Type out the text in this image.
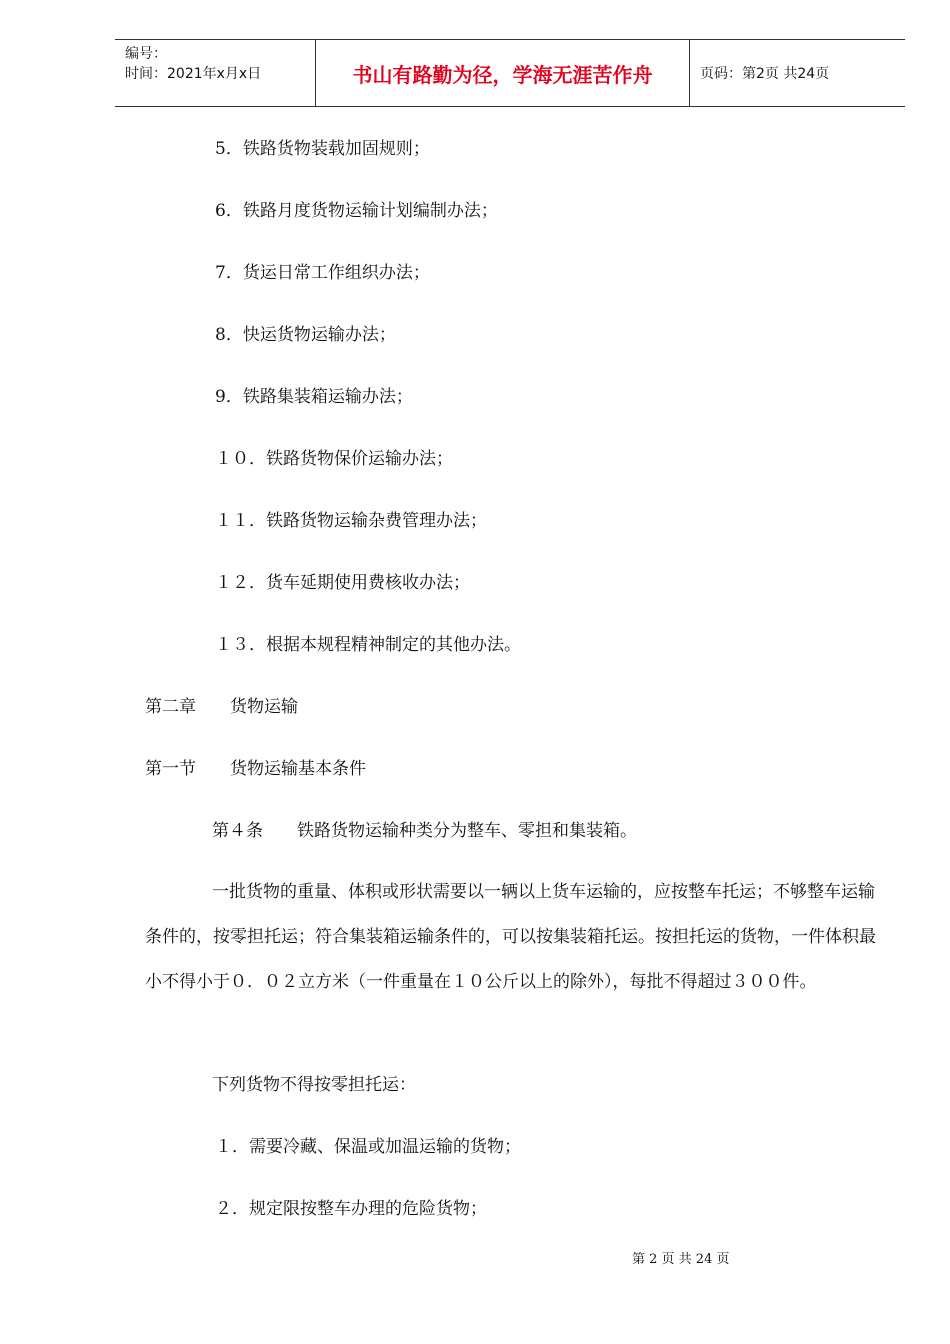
编号：
时间：2021年x月x日	书山有路勤为径，学海无涯苦作舟	页码：第2页 共24页
5．铁路货物装载加固规则；
6．铁路月度货物运输计划编制办法；
7．货运日常工作组织办法；
8．快运货物运输办法；
9．铁路集装箱运输办法；
１０．铁路货物保价运输办法；
１１．铁路货物运输杂费管理办法；
１２．货车延期使用费核收办法；
１３．根据本规程精神制定的其他办法。
第二章　　货物运输
第一节　　货物运输基本条件
第４条　　铁路货物运输种类分为整车、零担和集装箱。
一批货物的重量、体积或形状需要以一辆以上货车运输的，应按整车托运；不够整车运输条件的，按零担托运；符合集装箱运输条件的，可以按集装箱托运。按担托运的货物，一件体积最小不得小于０．０２立方米（一件重量在１０公斤以上的除外），每批不得超过３００件。
下列货物不得按零担托运：
１．需要冷藏、保温或加温运输的货物；
２．规定限按整车办理的危险货物；
第 2 页 共 24 页
